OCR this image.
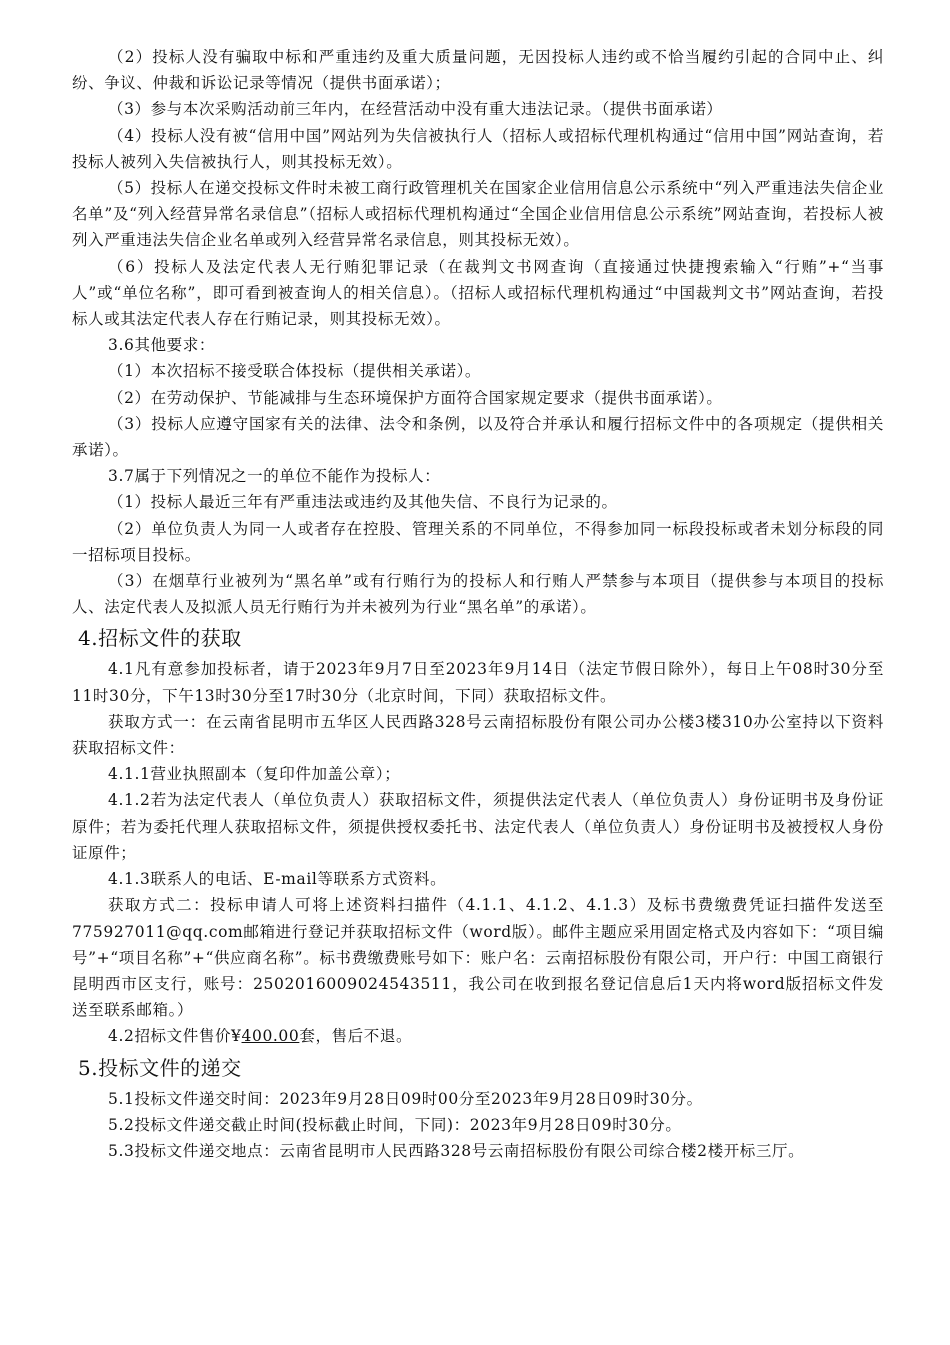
（2）投标人没有骗取中标和严重违约及重大质量问题，无因投标人违约或不恰当履约引起的合同中止、纠纷、争议、仲裁和诉讼记录等情况（提供书面承诺）；

（3）参与本次采购活动前三年内，在经营活动中没有重大违法记录。（提供书面承诺）

（4）投标人没有被“信用中国”网站列为失信被执行人（招标人或招标代理机构通过“信用中国”网站查询，若投标人被列入失信被执行人，则其投标无效）。

（5）投标人在递交投标文件时未被工商行政管理机关在国家企业信用信息公示系统中“列入严重违法失信企业名单”及“列入经营异常名录信息”（招标人或招标代理机构通过“全国企业信用信息公示系统”网站查询，若投标人被列入严重违法失信企业名单或列入经营异常名录信息，则其投标无效）。

（6）投标人及法定代表人无行贿犯罪记录（在裁判文书网查询（直接通过快捷搜索输入“行贿”+“当事人”或“单位名称”，即可看到被查询人的相关信息）。（招标人或招标代理机构通过“中国裁判文书”网站查询，若投标人或其法定代表人存在行贿记录，则其投标无效）。

3.6其他要求：

（1）本次招标不接受联合体投标（提供相关承诺）。

（2）在劳动保护、节能减排与生态环境保护方面符合国家规定要求（提供书面承诺）。

（3）投标人应遵守国家有关的法律、法令和条例，以及符合并承认和履行招标文件中的各项规定（提供相关承诺）。

3.7属于下列情况之一的单位不能作为投标人：

（1）投标人最近三年有严重违法或违约及其他失信、不良行为记录的。

（2）单位负责人为同一人或者存在控股、管理关系的不同单位，不得参加同一标段投标或者未划分标段的同一招标项目投标。

（3）在烟草行业被列为“黑名单”或有行贿行为的投标人和行贿人严禁参与本项目（提供参与本项目的投标人、法定代表人及拟派人员无行贿行为并未被列为行业“黑名单”的承诺）。

4.招标文件的获取

4.1凡有意参加投标者，请于2023年9月7日至2023年9月14日（法定节假日除外），每日上午08时30分至11时30分，下午13时30分至17时30分（北京时间，下同）获取招标文件。

获取方式一：在云南省昆明市五华区人民西路328号云南招标股份有限公司办公楼3楼310办公室持以下资料获取招标文件：

4.1.1营业执照副本（复印件加盖公章）；

4.1.2若为法定代表人（单位负责人）获取招标文件，须提供法定代表人（单位负责人）身份证明书及身份证原件；若为委托代理人获取招标文件，须提供授权委托书、法定代表人（单位负责人）身份证明书及被授权人身份证原件；

4.1.3联系人的电话、E-mail等联系方式资料。

获取方式二：投标申请人可将上述资料扫描件（4.1.1、4.1.2、4.1.3）及标书费缴费凭证扫描件发送至775927011@qq.com邮箱进行登记并获取招标文件（word版）。邮件主题应采用固定格式及内容如下：“项目编号”+“项目名称”+“供应商名称”。标书费缴费账号如下：账户名：云南招标股份有限公司，开户行：中国工商银行昆明西市区支行，账号：2502016009024543511，我公司在收到报名登记信息后1天内将word版招标文件发送至联系邮箱。）

4.2招标文件售价¥400.00套，售后不退。

5.投标文件的递交

5.1投标文件递交时间：2023年9月28日09时00分至2023年9月28日09时30分。

5.2投标文件递交截止时间(投标截止时间，下同)：2023年9月28日09时30分。

5.3投标文件递交地点：云南省昆明市人民西路328号云南招标股份有限公司综合楼2楼开标三厅。
